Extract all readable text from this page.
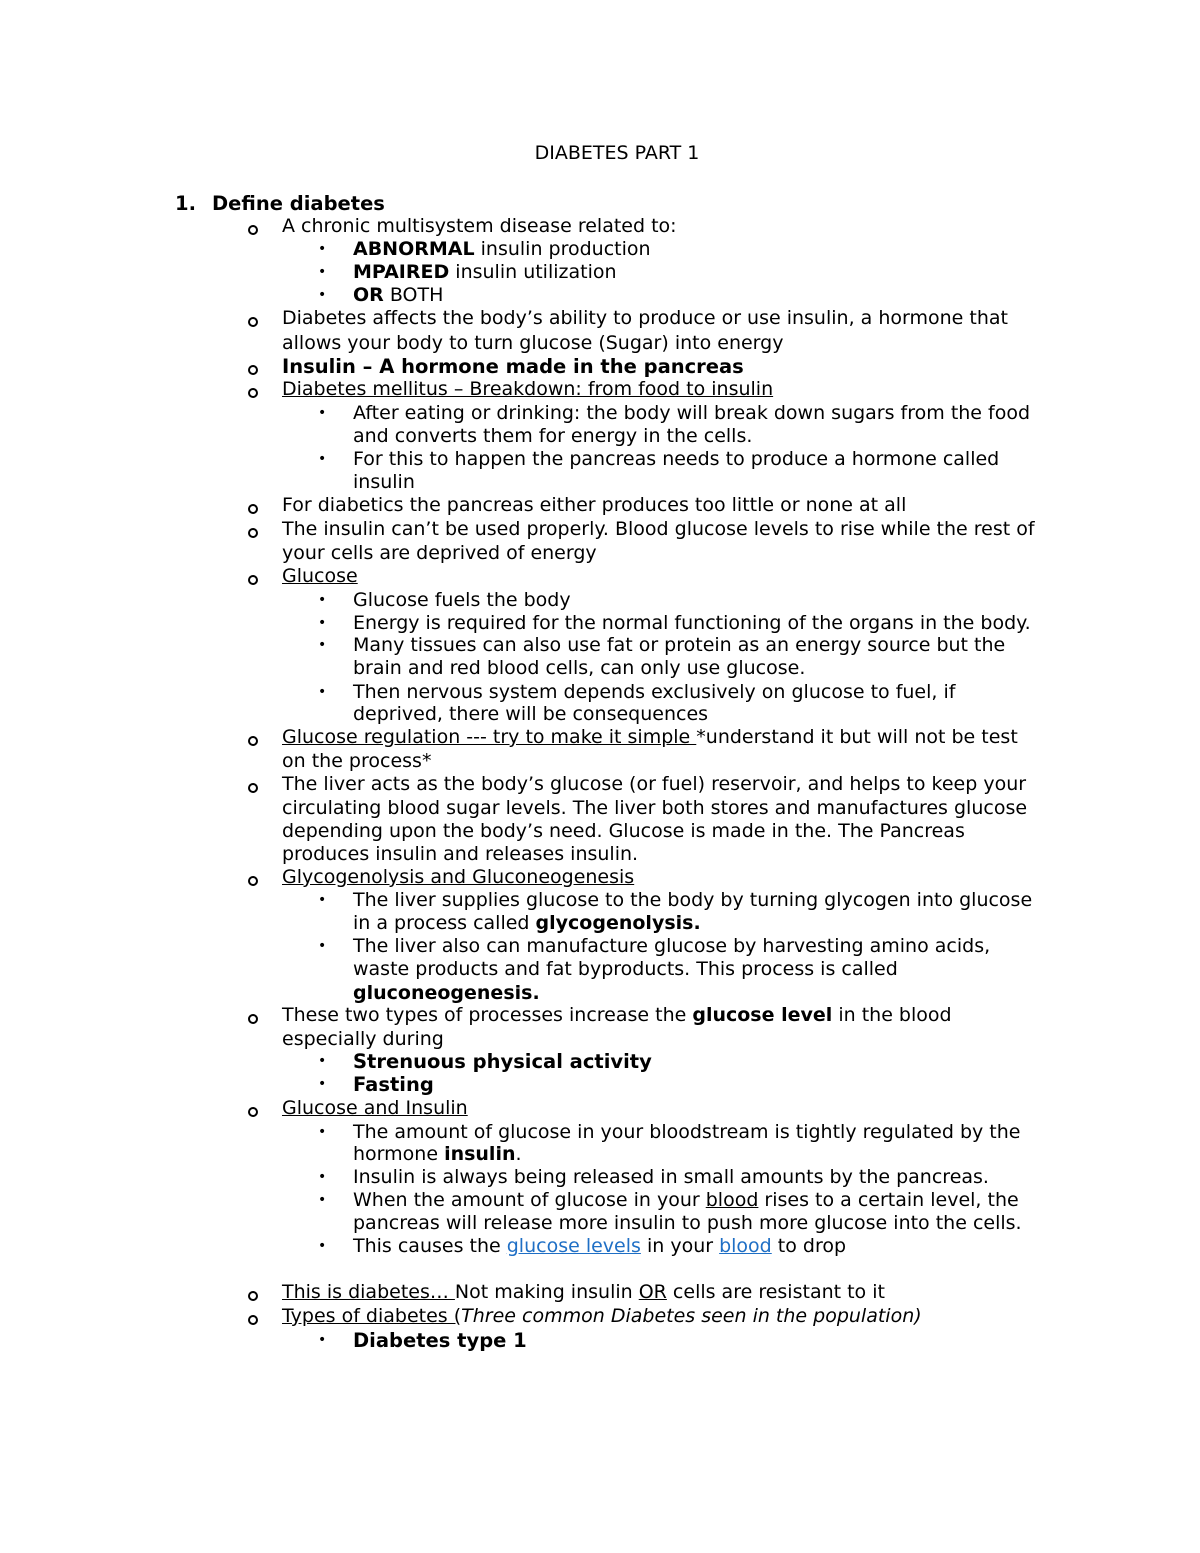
DIABETES PART 1
1. Define diabetes
A chronic multisystem disease related to:
• ABNORMAL insulin production
• MPAIRED insulin utilization
• OR BOTH
Diabetes affects the body’s ability to produce or use insulin, a hormone that
allows your body to turn glucose (Sugar) into energy
Insulin – A hormone made in the pancreas
Diabetes mellitus – Breakdown: from food to insulin
• After eating or drinking: the body will break down sugars from the food
and converts them for energy in the cells.
• For this to happen the pancreas needs to produce a hormone called
insulin
For diabetics the pancreas either produces too little or none at all
The insulin can’t be used properly. Blood glucose levels to rise while the rest of
your cells are deprived of energy
Glucose
• Glucose fuels the body
• Energy is required for the normal functioning of the organs in the body.
• Many tissues can also use fat or protein as an energy source but the
brain and red blood cells, can only use glucose.
• Then nervous system depends exclusively on glucose to fuel, if
deprived, there will be consequences
Glucose regulation --- try to make it simple *understand it but will not be test
on the process*
The liver acts as the body’s glucose (or fuel) reservoir, and helps to keep your
circulating blood sugar levels. The liver both stores and manufactures glucose
depending upon the body’s need. Glucose is made in the. The Pancreas
produces insulin and releases insulin.
Glycogenolysis and Gluconeogenesis
• The liver supplies glucose to the body by turning glycogen into glucose
in a process called glycogenolysis.
• The liver also can manufacture glucose by harvesting amino acids,
waste products and fat byproducts. This process is called
gluconeogenesis.
These two types of processes increase the glucose level in the blood
especially during
• Strenuous physical activity
• Fasting
Glucose and Insulin
• The amount of glucose in your bloodstream is tightly regulated by the
hormone insulin.
• Insulin is always being released in small amounts by the pancreas.
• When the amount of glucose in your blood rises to a certain level, the
pancreas will release more insulin to push more glucose into the cells.
• This causes the glucose levels in your blood to drop
This is diabetes… Not making insulin OR cells are resistant to it
Types of diabetes (Three common Diabetes seen in the population)
• Diabetes type 1
